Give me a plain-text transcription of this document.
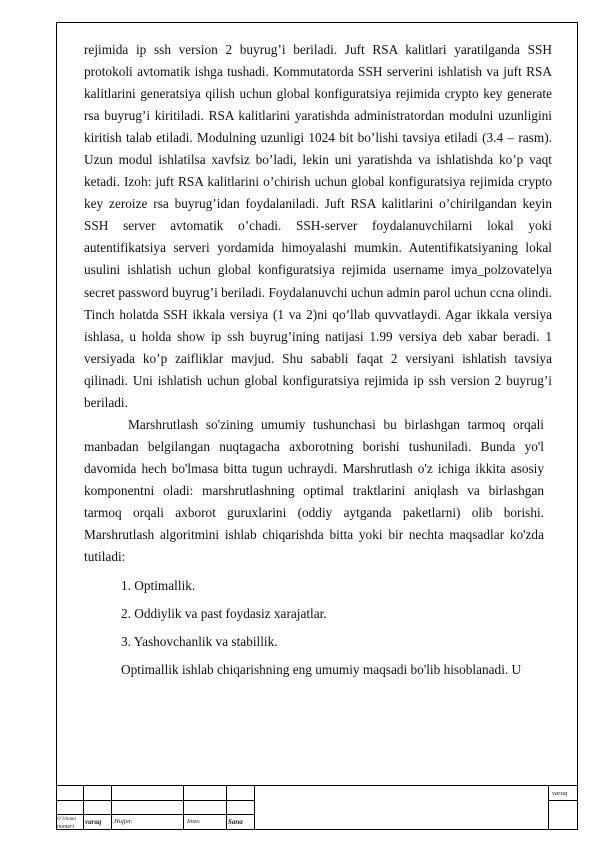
rejimida ip ssh version 2 buyrug’i beriladi. Juft RSA kalitlari yaratilganda SSH protokoli avtomatik ishga tushadi. Kommutatorda SSH serverini ishlatish va juft RSA kalitlarini generatsiya qilish uchun global konfiguratsiya rejimida crypto key generate rsa buyrug’i kiritiladi. RSA kalitlarini yaratishda administratordan modulni uzunligini kiritish talab etiladi. Modulning uzunligi 1024 bit bo’lishi tavsiya etiladi (3.4 – rasm). Uzun modul ishlatilsa xavfsiz bo’ladi, lekin uni yaratishda va ishlatishda ko’p vaqt ketadi. Izoh: juft RSA kalitlarini o’chirish uchun global konfiguratsiya rejimida crypto key zeroize rsa buyrug’idan foydalaniladi. Juft RSA kalitlarini o’chirilgandan keyin SSH server avtomatik o’chadi. SSH-server foydalanuvchilarni lokal yoki autentifikatsiya serveri yordamida himoyalashi mumkin. Autentifikatsiyaning lokal usulini ishlatish uchun global konfiguratsiya rejimida username imya_polzovatelya secret password buyrug’i beriladi. Foydalanuvchi uchun admin parol uchun ccna olindi. Tinch holatda SSH ikkala versiya (1 va 2)ni qo’llab quvvatlaydi. Agar ikkala versiya ishlasa, u holda show ip ssh buyrug’ining natijasi 1.99 versiya deb xabar beradi. 1 versiyada ko’p zaifliklar mavjud. Shu sababli faqat 2 versiyani ishlatish tavsiya qilinadi. Uni ishlatish uchun global konfiguratsiya rejimida ip ssh version 2 buyrug’i beriladi.

Marshrutlash so'zining umumiy tushunchasi bu birlashgan tarmoq orqali manbadan belgilangan nuqtagacha axborotning borishi tushuniladi. Bunda yo'l davomida hech bo'lmasa bitta tugun uchraydi. Marshrutlash o'z ichiga ikkita asosiy komponentni oladi: marshrutlashning optimal traktlarini aniqlash va birlashgan tarmoq orqali axborot guruxlarini (oddiy aytganda paketlarni) olib borishi. Marshrutlash algoritmini ishlab chiqarishda bitta yoki bir nechta maqsadlar ko'zda tutiladi:

1. Optimallik.

2. Oddiylik va past foydasiz xarajatlar.

3. Yashovchanlik va stabillik.

Optimallik ishlab chiqarishning eng umumiy maqsadi bo'lib hisoblanadi. U

varaq
O’lchami
nomeri
varaq Hujjat:	Imzo	Sana
